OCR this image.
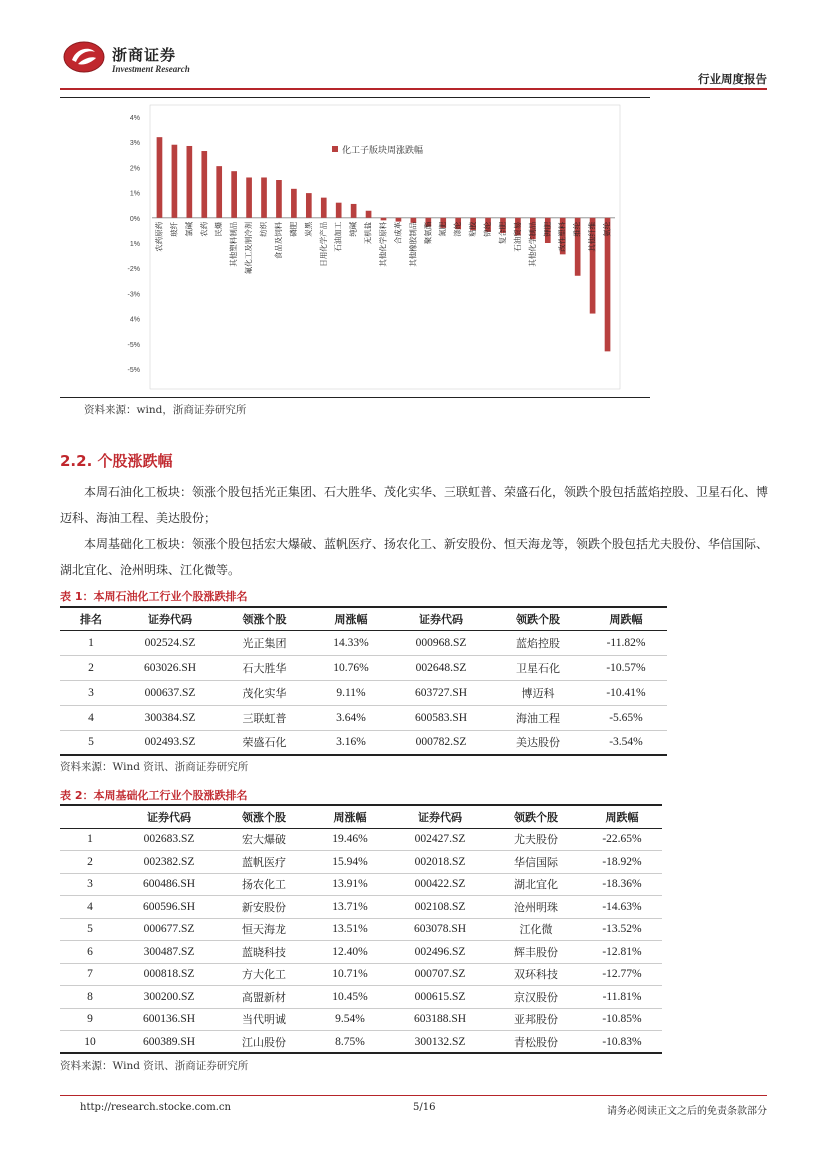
浙商证券
Investment Research
行业周度报告
4%
3%
2%
1%
0%
1%
-2%
-3%
4%
-5%
-5%
农药原药 玻纤 氯碱 农药 民爆 其他塑料制品 氟化工及制冷剂 纺织 食品及饲料 磷肥 炭黑 日用化学产品 石油加工 纯碱 无机盐 其他化学原料 合成革 其他橡胶制品 聚氨酯 氮肥 涤纶 粘胶 锦纶 复合肥 石油贸易 其他化学制品 钾肥 改性塑料 维纶 其他纤维 氨纶
化工子版块周涨跌幅
资料来源：wind，浙商证券研究所
2.2. 个股涨跌幅
本周石油化工板块：领涨个股包括光正集团、石大胜华、茂化实华、三联虹普、荣盛石化，领跌个股包括蓝焰控股、卫星石化、博迈科、海油工程、美达股份；
本周基础化工板块：领涨个股包括宏大爆破、蓝帆医疗、扬农化工、新安股份、恒天海龙等，领跌个股包括尤夫股份、华信国际、湖北宜化、沧州明珠、江化微等。
表 1：本周石油化工行业个股涨跌排名
排名	证券代码	领涨个股	周涨幅	证券代码	领跌个股	周跌幅
1	002524.SZ	光正集团	14.33%	000968.SZ	蓝焰控股	-11.82%
2	603026.SH	石大胜华	10.76%	002648.SZ	卫星石化	-10.57%
3	000637.SZ	茂化实华	9.11%	603727.SH	博迈科	-10.41%
4	300384.SZ	三联虹普	3.64%	600583.SH	海油工程	-5.65%
5	002493.SZ	荣盛石化	3.16%	000782.SZ	美达股份	-3.54%
资料来源：Wind 资讯、浙商证券研究所
表 2：本周基础化工行业个股涨跌排名
	证券代码	领涨个股	周涨幅	证券代码	领跌个股	周跌幅
1	002683.SZ	宏大爆破	19.46%	002427.SZ	尤夫股份	-22.65%
2	002382.SZ	蓝帆医疗	15.94%	002018.SZ	华信国际	-18.92%
3	600486.SH	扬农化工	13.91%	000422.SZ	湖北宜化	-18.36%
4	600596.SH	新安股份	13.71%	002108.SZ	沧州明珠	-14.63%
5	000677.SZ	恒天海龙	13.51%	603078.SH	江化微	-13.52%
6	300487.SZ	蓝晓科技	12.40%	002496.SZ	辉丰股份	-12.81%
7	000818.SZ	方大化工	10.71%	000707.SZ	双环科技	-12.77%
8	300200.SZ	高盟新材	10.45%	000615.SZ	京汉股份	-11.81%
9	600136.SH	当代明诚	9.54%	603188.SH	亚邦股份	-10.85%
10	600389.SH	江山股份	8.75%	300132.SZ	青松股份	-10.83%
资料来源：Wind 资讯、浙商证券研究所
http://research.stocke.com.cn	5/16	请务必阅读正文之后的免责条款部分
